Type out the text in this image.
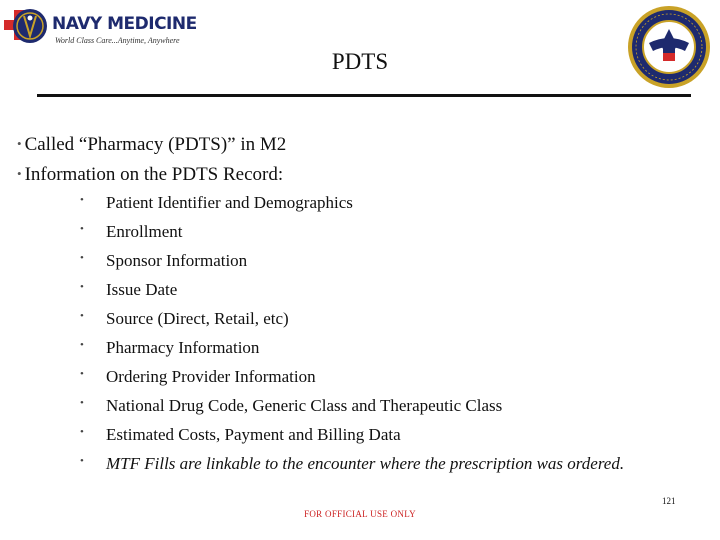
NAVY MEDICINE
World Class Care...Anytime, Anywhere
PDTS
• Called “Pharmacy (PDTS)” in M2
• Information on the PDTS Record:
• Patient Identifier and Demographics
• Enrollment
• Sponsor Information
• Issue Date
• Source (Direct, Retail, etc)
• Pharmacy Information
• Ordering Provider Information
• National Drug Code, Generic Class and Therapeutic Class
• Estimated Costs, Payment and Billing Data
• MTF Fills are linkable to the encounter where the prescription was ordered.
121
FOR OFFICIAL USE ONLY
